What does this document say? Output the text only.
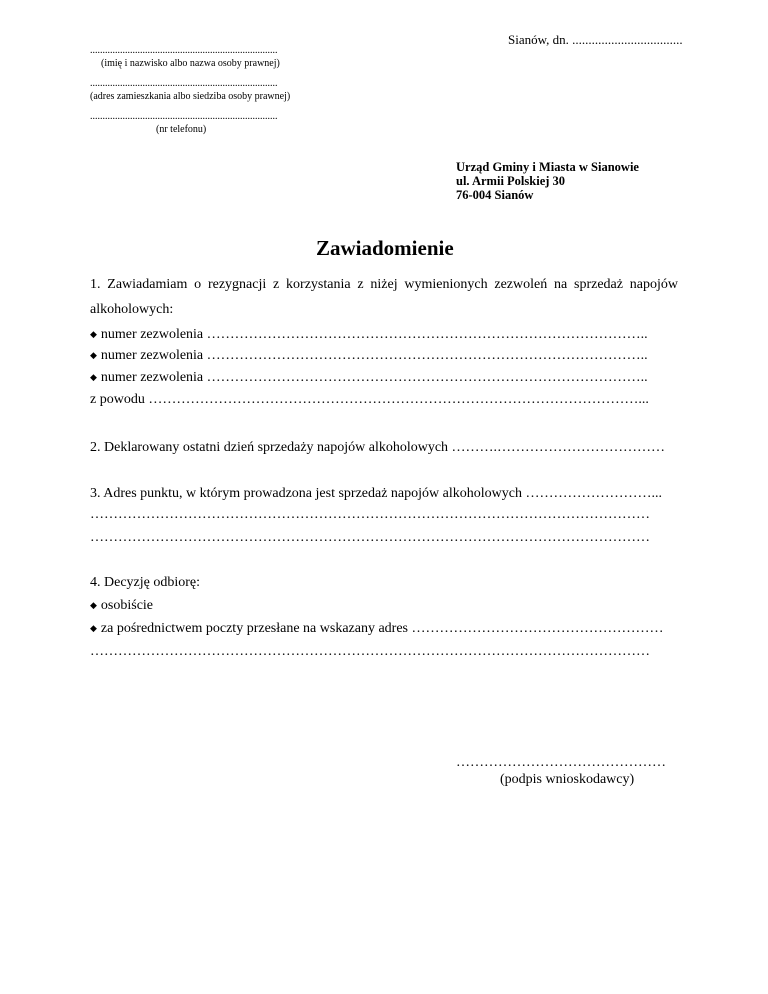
Sianów, dn. ..................................
...........................................................................
(imię i nazwisko albo nazwa osoby prawnej)
...........................................................................
(adres zamieszkania albo siedziba osoby prawnej)
...........................................................................
(nr telefonu)
Urząd Gminy i Miasta w Sianowie
ul. Armii Polskiej 30
76-004 Sianów
Zawiadomienie
1. Zawiadamiam o rezygnacji z korzystania z niżej wymienionych zezwoleń na sprzedaż napojów
alkoholowych:
◆ numer zezwolenia …………………………………………………………………………………..
◆ numer zezwolenia …………………………………………………………………………………..
◆ numer zezwolenia …………………………………………………………………………………..
z powodu ……………………………………………………………………………………………...
2. Deklarowany ostatni dzień sprzedaży napojów alkoholowych ……….………………………………
3. Adres punktu, w którym prowadzona jest sprzedaż napojów alkoholowych ………………………...
…………………………………………………………………………………………………………
…………………………………………………………………………………………………………
4. Decyzję odbiorę:
◆ osobiście
◆ za pośrednictwem poczty przesłane na wskazany adres ………………………………………………
…………………………………………………………………………………………………………
………………………………………
(podpis wnioskodawcy)
